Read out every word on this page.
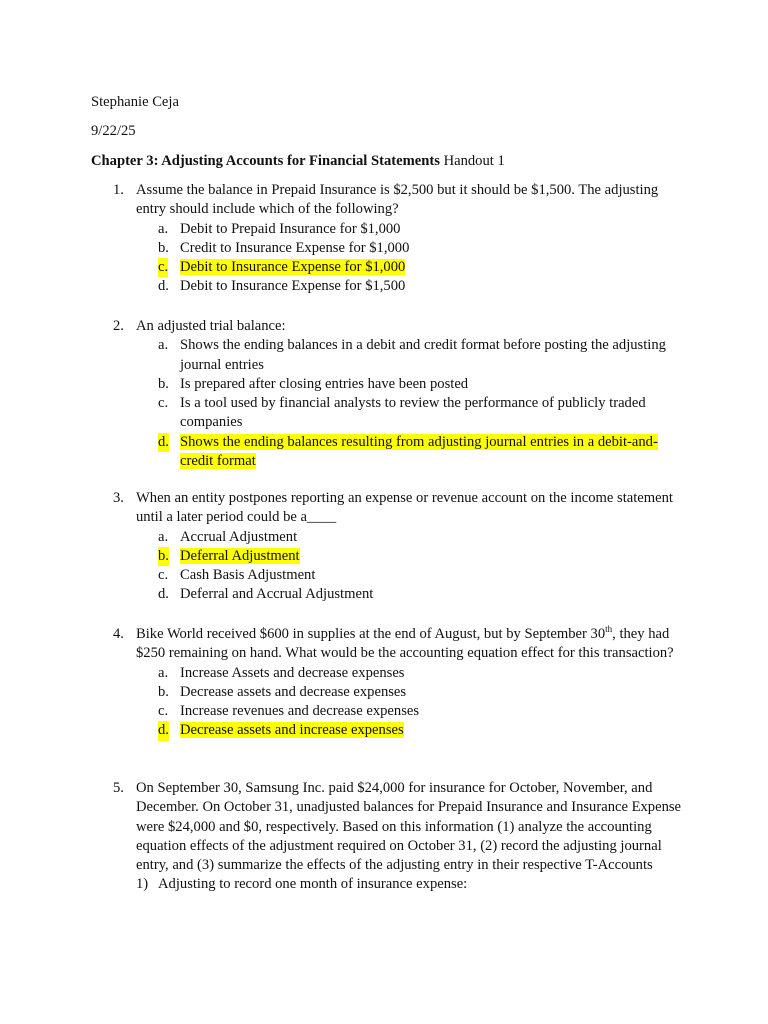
Stephanie Ceja
9/22/25
Chapter 3: Adjusting Accounts for Financial Statements Handout 1
1. Assume the balance in Prepaid Insurance is $2,500 but it should be $1,500. The adjusting entry should include which of the following?
a. Debit to Prepaid Insurance for $1,000
b. Credit to Insurance Expense for $1,000
c. Debit to Insurance Expense for $1,000
d. Debit to Insurance Expense for $1,500
2. An adjusted trial balance:
a. Shows the ending balances in a debit and credit format before posting the adjusting journal entries
b. Is prepared after closing entries have been posted
c. Is a tool used by financial analysts to review the performance of publicly traded companies
d. Shows the ending balances resulting from adjusting journal entries in a debit-and-credit format
3. When an entity postpones reporting an expense or revenue account on the income statement until a later period could be a____
a. Accrual Adjustment
b. Deferral Adjustment
c. Cash Basis Adjustment
d. Deferral and Accrual Adjustment
4. Bike World received $600 in supplies at the end of August, but by September 30th, they had $250 remaining on hand. What would be the accounting equation effect for this transaction?
a. Increase Assets and decrease expenses
b. Decrease assets and decrease expenses
c. Increase revenues and decrease expenses
d. Decrease assets and increase expenses
5. On September 30, Samsung Inc. paid $24,000 for insurance for October, November, and December. On October 31, unadjusted balances for Prepaid Insurance and Insurance Expense were $24,000 and $0, respectively. Based on this information (1) analyze the accounting equation effects of the adjustment required on October 31, (2) record the adjusting journal entry, and (3) summarize the effects of the adjusting entry in their respective T-Accounts
1) Adjusting to record one month of insurance expense:
